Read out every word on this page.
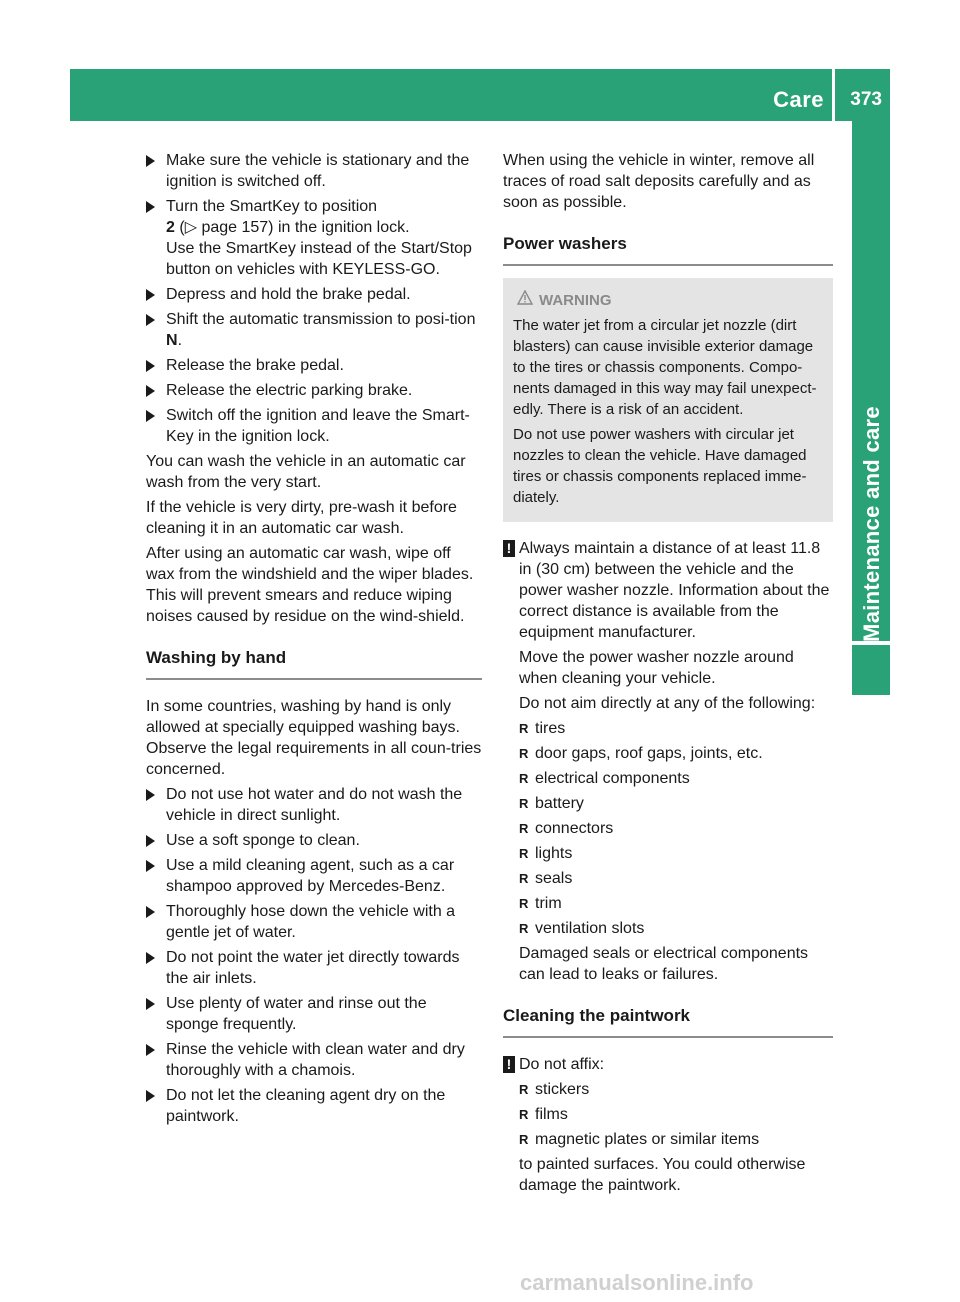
Care 373
Maintenance and care
Make sure the vehicle is stationary and the ignition is switched off.
Turn the SmartKey to position
2 (▷ page 157) in the ignition lock.
Use the SmartKey instead of the Start/Stop button on vehicles with KEYLESS-GO.
Depress and hold the brake pedal.
Shift the automatic transmission to posi-tion N.
Release the brake pedal.
Release the electric parking brake.
Switch off the ignition and leave the Smart-Key in the ignition lock.

You can wash the vehicle in an automatic car wash from the very start.

If the vehicle is very dirty, pre-wash it before cleaning it in an automatic car wash.

After using an automatic car wash, wipe off wax from the windshield and the wiper blades. This will prevent smears and reduce wiping noises caused by residue on the wind-shield.

Washing by hand

In some countries, washing by hand is only allowed at specially equipped washing bays. Observe the legal requirements in all coun-tries concerned.

Do not use hot water and do not wash the vehicle in direct sunlight.
Use a soft sponge to clean.
Use a mild cleaning agent, such as a car shampoo approved by Mercedes-Benz.
Thoroughly hose down the vehicle with a gentle jet of water.
Do not point the water jet directly towards the air inlets.
Use plenty of water and rinse out the sponge frequently.
Rinse the vehicle with clean water and dry thoroughly with a chamois.
Do not let the cleaning agent dry on the paintwork.

When using the vehicle in winter, remove all traces of road salt deposits carefully and as soon as possible.

Power washers
WARNING

The water jet from a circular jet nozzle (dirt blasters) can cause invisible exterior damage to the tires or chassis components. Compo-nents damaged in this way may fail unexpect-edly. There is a risk of an accident.

Do not use power washers with circular jet nozzles to clean the vehicle. Have damaged tires or chassis components replaced imme-diately.

! Always maintain a distance of at least 11.8 in (30 cm) between the vehicle and the power washer nozzle. Information about the correct distance is available from the equipment manufacturer.

Move the power washer nozzle around when cleaning your vehicle.

Do not aim directly at any of the following:

R tires
R door gaps, roof gaps, joints, etc.
R electrical components
R battery
R connectors
R lights
R seals
R trim
R ventilation slots

Damaged seals or electrical components can lead to leaks or failures.

Cleaning the paintwork
! Do not affix:

R stickers
R films
R magnetic plates or similar items

to painted surfaces. You could otherwise damage the paintwork.

carmanualsonline.info
